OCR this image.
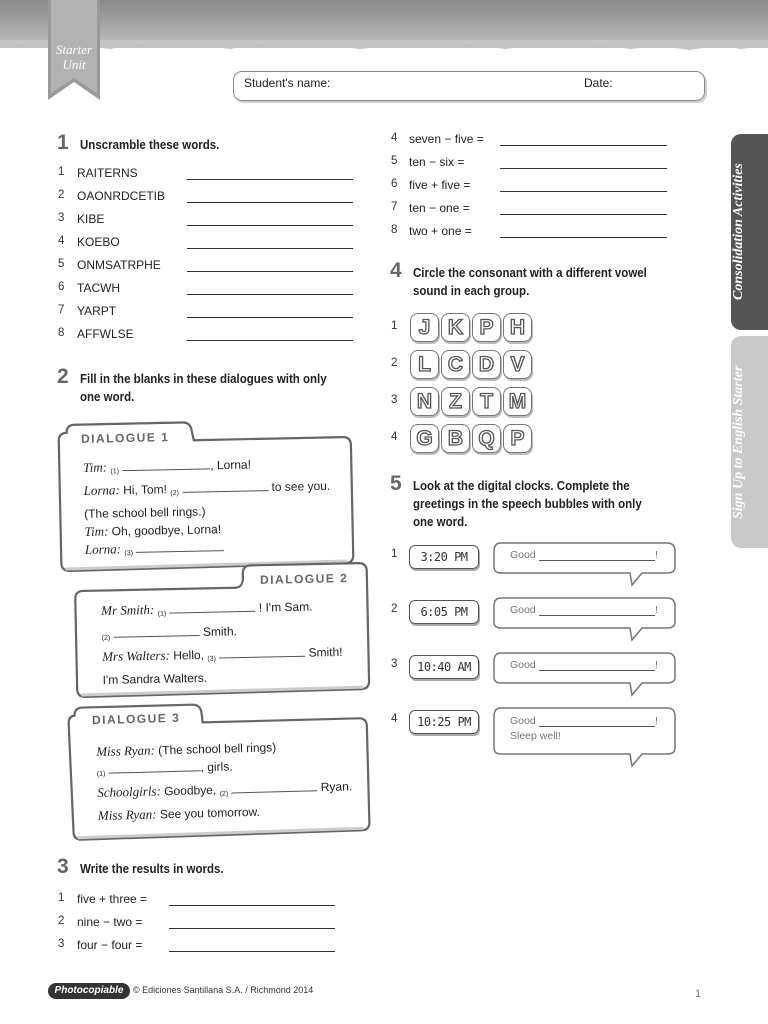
Starter
Unit
Student's name:	Date:
1 Unscramble these words.
1 RAITERNS
2 OAONRDCETIB
3 KIBE
4 KOEBO
5 ONMSATRPHE
6 TACWH
7 YARPT
8 AFFWLSE
2 Fill in the blanks in these dialogues with only
one word.
DIALOGUE 1
Tim: (1)	, Lorna!
Lorna: Hi, Tom! (2)	to see you.
(The school bell rings.)
Tim: Oh, goodbye, Lorna!
Lorna: (3)
DIALOGUE 2
Mr Smith: (1)	! I'm Sam.
(2)	Smith.
Mrs Walters: Hello, (3)	Smith!
I'm Sandra Walters.
DIALOGUE 3
Miss Ryan: (The school bell rings)
(1) , girls.
Schoolgirls: Goodbye, (2)  Ryan.
Miss Ryan: See you tomorrow.
3 Write the results in words.
1 five + three =
2 nine − two =
3 four − four =
4 seven − five =
5 ten − six =
6 five + five =
7 ten − one =
8 two + one =
4 Circle the consonant with a different vowel
sound in each group.
1	J K P H
2 L C D V
3 N Z T M
4 G B Q P
5 Look at the digital clocks. Complete the
greetings in the speech bubbles with only
one word.
1	3:20 PM	Good	!
2	6:05 PM	Good	!
3	10:40 AM	Good	!
4	10:25 PM	Good	!
Sleep well!
Consolidation Activities
Sign Up to English Starter
Photocopiable	© Ediciones Santillana S.A. / Richmond 2014	1
